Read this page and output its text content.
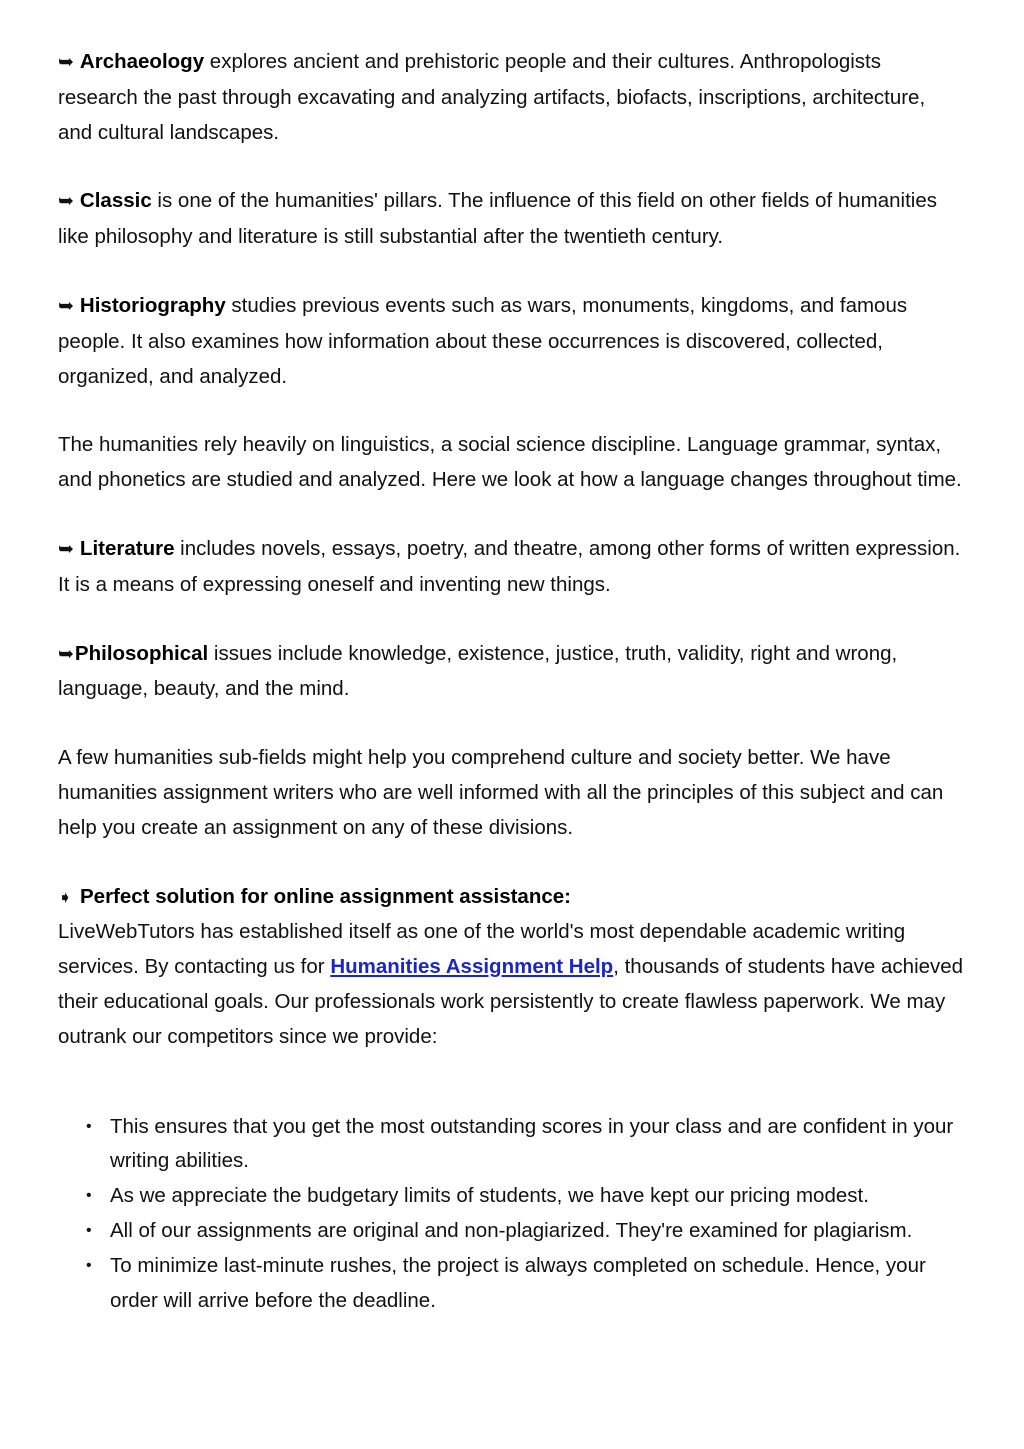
➥ Archaeology explores ancient and prehistoric people and their cultures. Anthropologists research the past through excavating and analyzing artifacts, biofacts, inscriptions, architecture, and cultural landscapes.

➥ Classic is one of the humanities' pillars. The influence of this field on other fields of humanities like philosophy and literature is still substantial after the twentieth century.

➥ Historiography studies previous events such as wars, monuments, kingdoms, and famous people. It also examines how information about these occurrences is discovered, collected, organized, and analyzed.

The humanities rely heavily on linguistics, a social science discipline. Language grammar, syntax, and phonetics are studied and analyzed. Here we look at how a language changes throughout time.

➥ Literature includes novels, essays, poetry, and theatre, among other forms of written expression. It is a means of expressing oneself and inventing new things.

➥Philosophical issues include knowledge, existence, justice, truth, validity, right and wrong, language, beauty, and the mind.

A few humanities sub-fields might help you comprehend culture and society better. We have humanities assignment writers who are well informed with all the principles of this subject and can help you create an assignment on any of these divisions.

➧ Perfect solution for online assignment assistance:

LiveWebTutors has established itself as one of the world's most dependable academic writing services. By contacting us for Humanities Assignment Help, thousands of students have achieved their educational goals. Our professionals work persistently to create flawless paperwork. We may outrank our competitors since we provide:

• This ensures that you get the most outstanding scores in your class and are confident in your writing abilities.
• As we appreciate the budgetary limits of students, we have kept our pricing modest.
• All of our assignments are original and non-plagiarized. They're examined for plagiarism.
• To minimize last-minute rushes, the project is always completed on schedule. Hence, your order will arrive before the deadline.
